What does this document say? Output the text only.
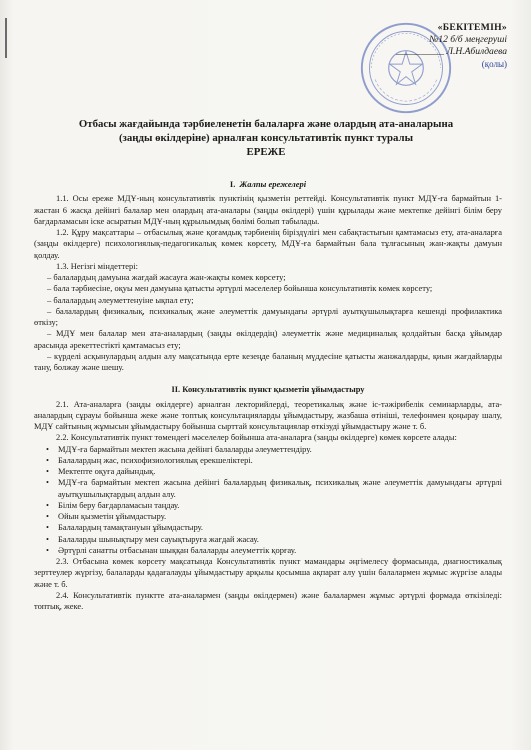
«БЕКІТЕМІН»
№12 б/б меңгеруші
__________ Л.Н.Абилдаева
(қолы)
Отбасы жағдайында тәрбиеленетін балаларға және олардың ата-аналарына
(заңды өкілдеріне) арналған консультативтік пункт туралы
ЕРЕЖЕ

I. Жалпы ережелері

1.1. Осы ереже МДҰ-ның консультативтік пунктінің қызметін реттейді. Консультативтік пункт МДҰ-ға бармайтын 1-жастан 6 жасқа дейінгі балалар мен олардың ата-аналары (заңды өкілдері) үшін құрылады және мектепке дейінгі білім беру бағдарламасын іске асыратын МДҰ-ның құрылымдық бөлімі болып табылады.

1.2. Құру мақсаттары – отбасылық және қоғамдық тәрбиенің біріздүлігі мен сабақтастығын қамтамасыз ету, ата-аналарға (заңды өкілдерге) психологиялық-педагогикалық көмек көрсету, МДҰ-ға бармайтын бала тұлғасының жан-жақты дамуын қолдау.

1.3. Негізгі міндеттері:

– балалардың дамуына жағдай жасауға жан-жақты көмек көрсету;

– бала тәрбиесіне, оқуы мен дамуына қатысты әртүрлі мәселелер бойынша консультативтік көмек көрсету;

– балалардың әлеуметтенуіне ықпал ету;

– балалардың физикалық, психикалық және әлеуметтік дамуындағы әртүрлі ауытқушылықтарға кешенді профилактика өткізу;

– МДҰ мен балалар мен ата-аналардың (заңды өкілдердің) әлеуметтік және медициналық қолдайтын басқа ұйымдар арасында әрекеттестікті қамтамасыз ету;

– күрделі асқынулардың алдын алу мақсатында ерте кезеңде баланың мүддесіне қатысты жанжалдарды, қиын жағдайларды тану, болжау және шешу.

II. Консультативтік пункт қызметін ұйымдастыру

2.1. Ата-аналарға (заңды өкілдерге) арналған лекторийлерді, теоретикалық және іс-тәжірибелік семинарларды, ата-аналардың сұрауы бойынша жеке және топтық консультацияларды ұйымдастыру, жазбаша өтініші, телефонмен қоңырау шалу, МДҰ сайтының жұмысын ұйымдастыру бойынша сырттай консультациялар өткізуді ұйымдастыру және т. б.

2.2. Консультативтік пункт төмендегі мәселелер бойынша ата-аналарға (заңды өкілдерге) көмек көрсете алады:

• МДҰ-ға бармайтын мектеп жасына дейінгі балаларды әлеуметтендіру.
• Балалардың жас, психофизиологиялық ерекшеліктері.
• Мектепте оқуға дайындық.
• МДҰ-ға бармайтын мектеп жасына дейінгі балалардың физикалық, психикалық және әлеуметтік дамуындағы әртүрлі ауытқушылықтардың алдын алу.
• Білім беру бағдарламасын таңдау.
• Ойын қызметін ұйымдастыру.
• Балалардың тамақтануын ұйымдастыру.
• Балаларды шынықтыру мен сауықтыруға жағдай жасау.
• Әртүрлі санатты отбасынан шыққан балаларды әлеуметтік қорғау.

2.3. Отбасына көмек көрсету мақсатында Консультативтік пункт мамандары әңгімелесу формасында, диагностикалық зерттеулер жүргізу, балаларды қадағалауды ұйымдастыру арқылы қосымша ақпарат алу үшін балалармен жұмыс жүргізе алады және т. б.

2.4. Консультативтік пунктте ата-аналармен (заңды өкілдермен) және балалармен жұмыс әртүрлі формада өткізіледі: топтық, жеке.
